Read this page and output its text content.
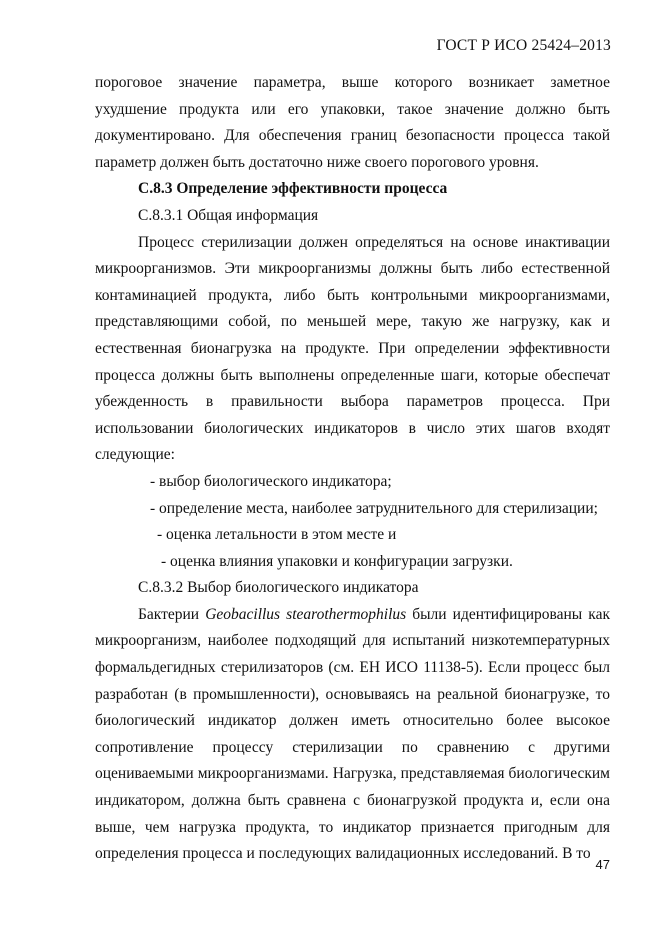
ГОСТ Р ИСО 25424–2013

пороговое значение параметра, выше которого возникает заметное ухудшение продукта или его упаковки, такое значение должно быть документировано. Для обеспечения границ безопасности процесса такой параметр должен быть достаточно ниже своего порогового уровня.

С.8.3 Определение эффективности процесса

С.8.3.1 Общая информация

Процесс стерилизации должен определяться на основе инактивации микроорганизмов. Эти микроорганизмы должны быть либо естественной контаминацией продукта, либо быть контрольными микроорганизмами, представляющими собой, по меньшей мере, такую же нагрузку, как и естественная бионагрузка на продукте. При определении эффективности процесса должны быть выполнены определенные шаги, которые обеспечат убежденность в правильности выбора параметров процесса. При использовании биологических индикаторов в число этих шагов входят следующие:

- выбор биологического индикатора;

- определение места, наиболее затруднительного для стерилизации;

- оценка летальности в этом месте и

- оценка влияния упаковки и конфигурации загрузки.

С.8.3.2 Выбор биологического индикатора

Бактерии Geobacillus stearothermophilus были идентифицированы как микроорганизм, наиболее подходящий для испытаний низкотемпературных формальдегидных стерилизаторов (см. ЕН ИСО 11138-5). Если процесс был разработан (в промышленности), основываясь на реальной бионагрузке, то биологический индикатор должен иметь относительно более высокое сопротивление процессу стерилизации по сравнению с другими оцениваемыми микроорганизмами. Нагрузка, представляемая биологическим индикатором, должна быть сравнена с бионагрузкой продукта и, если она выше, чем нагрузка продукта, то индикатор признается пригодным для определения процесса и последующих валидационных исследований. В то

47
